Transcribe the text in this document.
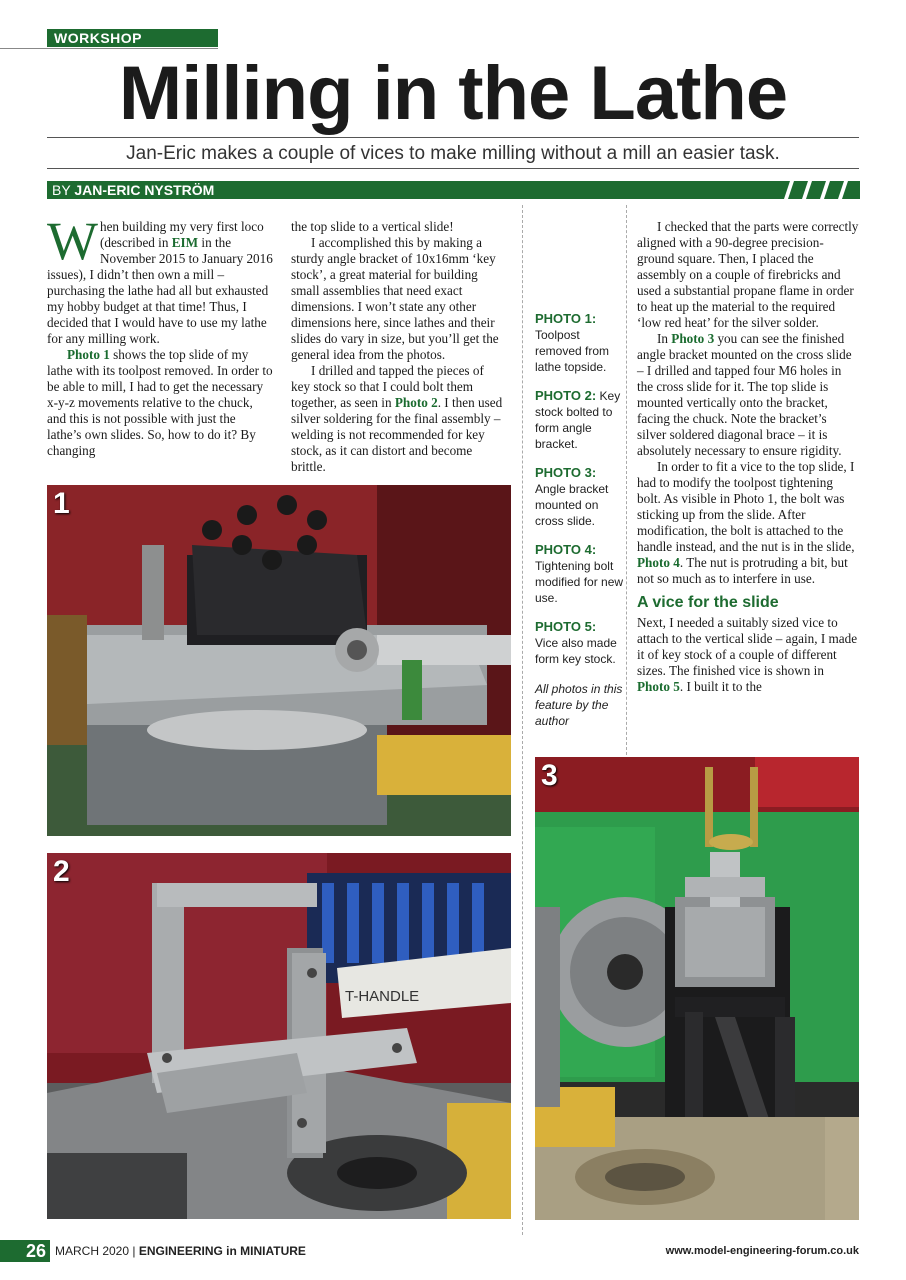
WORKSHOP
Milling in the Lathe
Jan-Eric makes a couple of vices to make milling without a mill an easier task.
BY JAN-ERIC NYSTRÖM

When building my very first loco (described in EIM in the November 2015 to January 2016 issues), I didn’t then own a mill – purchasing the lathe had all but exhausted my hobby budget at that time! Thus, I decided that I would have to use my lathe for any milling work.

Photo 1 shows the top slide of my lathe with its toolpost removed. In order to be able to mill, I had to get the necessary x-y-z movements relative to the chuck, and this is not possible with just the lathe’s own slides. So, how to do it? By changing

the top slide to a vertical slide!

I accomplished this by making a sturdy angle bracket of 10x16mm ‘key stock’, a great material for building small assemblies that need exact dimensions. I won’t state any other dimensions here, since lathes and their slides do vary in size, but you’ll get the general idea from the photos.

I drilled and tapped the pieces of key stock so that I could bolt them together, as seen in Photo 2. I then used silver soldering for the final assembly – welding is not recommended for key stock, as it can distort and become brittle.

PHOTO 1:
Toolpost removed from lathe topside.
PHOTO 2: Key stock bolted to form angle bracket.
PHOTO 3:
Angle bracket mounted on cross slide.
PHOTO 4:
Tightening bolt modified for new use.
PHOTO 5:
Vice also made form key stock.
All photos in this feature by the author

I checked that the parts were correctly aligned with a 90-degree precision-ground square. Then, I placed the assembly on a couple of firebricks and used a substantial propane flame in order to heat up the material to the required ‘low red heat’ for the silver solder.

In Photo 3 you can see the finished angle bracket mounted on the cross slide – I drilled and tapped four M6 holes in the cross slide for it. The top slide is mounted vertically onto the bracket, facing the chuck. Note the bracket’s silver soldered diagonal brace – it is absolutely necessary to ensure rigidity.

In order to fit a vice to the top slide, I had to modify the toolpost tightening bolt. As visible in Photo 1, the bolt was sticking up from the slide. After modification, the bolt is attached to the handle instead, and the nut is in the slide, Photo 4. The nut is protruding a bit, but not so much as to interfere in use.

A vice for the slide

Next, I needed a suitably sized vice to attach to the vertical slide – again, I made it of key stock of a couple of different sizes. The finished vice is shown in Photo 5. I built it to the

1
T-HANDLE
2
3
26 MARCH 2020 | ENGINEERING in MINIATURE	www.model-engineering-forum.co.uk
